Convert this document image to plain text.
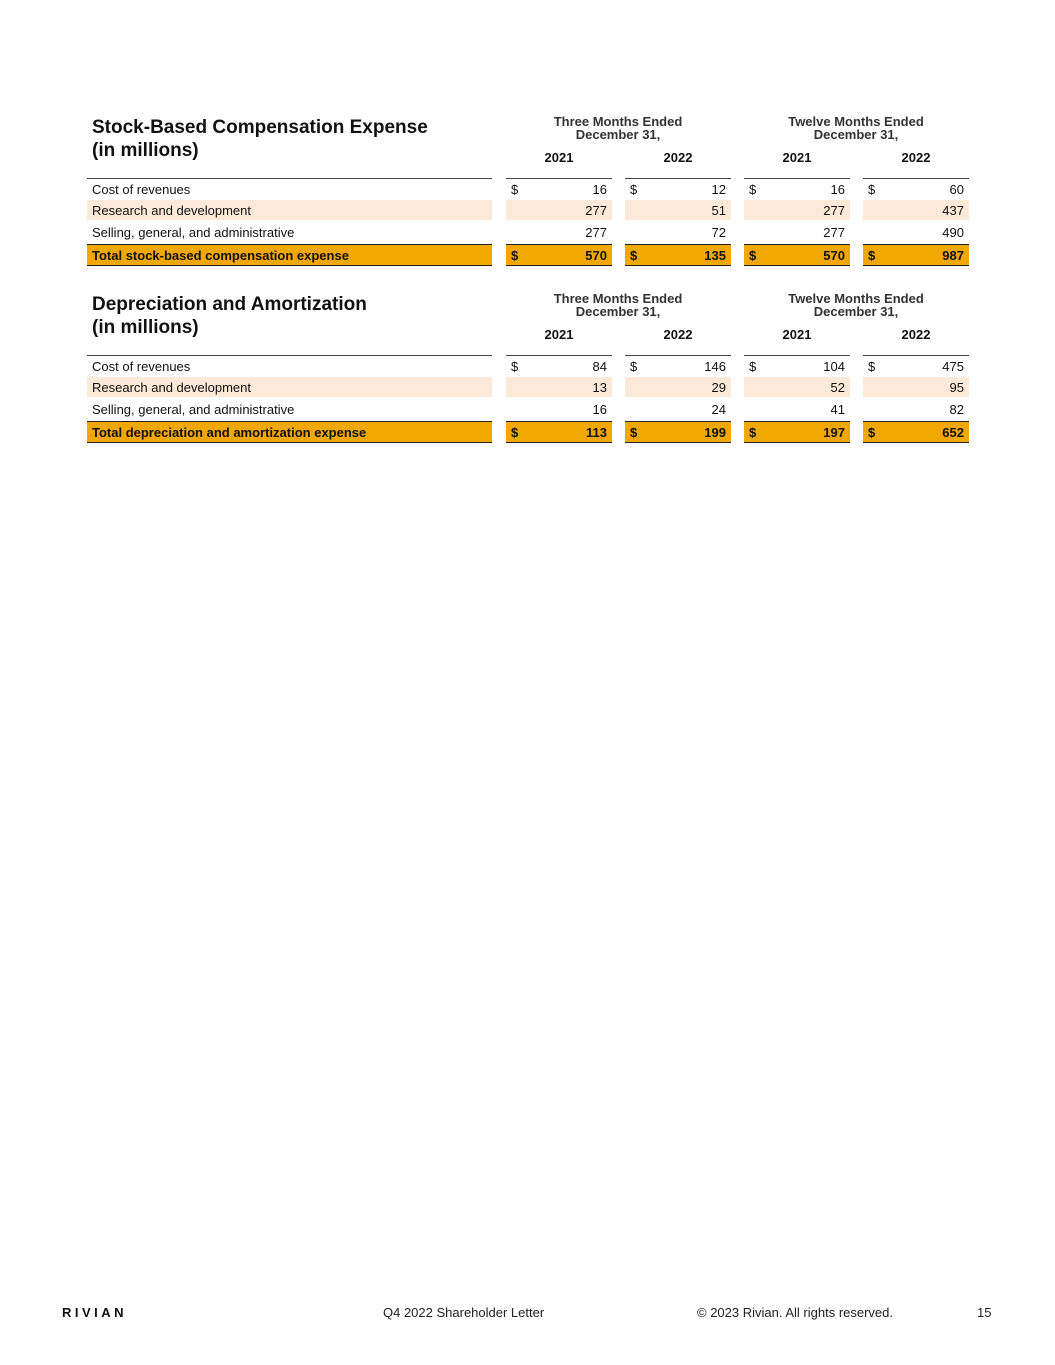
Stock-Based Compensation Expense
(in millions)
Three Months Ended
December 31,
Twelve Months Ended
December 31,
2021	2022	2021	2022
Cost of revenues	$	16 $	12 $	16 $	60
Research and development	277	51	277	437
Selling, general, and administrative	277	72	277	490
Total stock-based compensation expense	$	570 $	135 $	570 $	987
Depreciation and Amortization
(in millions)
Three Months Ended
December 31,
Twelve Months Ended
December 31,
2021	2022	2021	2022
Cost of revenues	$	84 $	146 $	104 $	475
Research and development	13	29	52	95
Selling, general, and administrative	16	24	41	82
Total depreciation and amortization expense	$	113 $	199 $	197 $	652
RIVIAN	Q4 2022 Shareholder Letter	© 2023 Rivian. All rights reserved.	15
